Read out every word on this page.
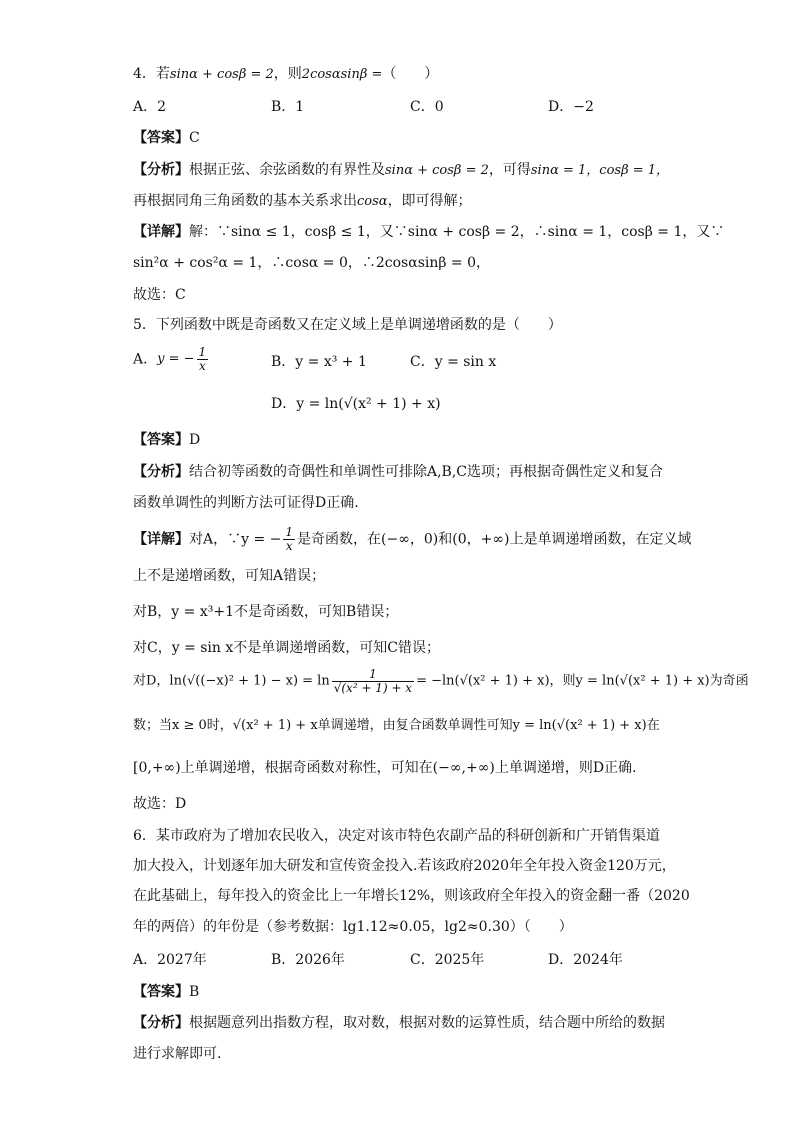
4．若sinα + cosβ = 2，则2cosαsinβ =（　　）
A．2	B．1	C．0	D．−2
【答案】C
【分析】根据正弦、余弦函数的有界性及sinα + cosβ = 2，可得sinα = 1，cosβ = 1，
再根据同角三角函数的基本关系求出cosα，即可得解；
【详解】解：∵sinα ≤ 1，cosβ ≤ 1，又∵sinα + cosβ = 2，∴sinα = 1，cosβ = 1，又∵
sin²α + cos²α = 1，∴cosα = 0，∴2cosαsinβ = 0，
故选：C
5．下列函数中既是奇函数又在定义域上是单调递增函数的是（　　）
A．y = − $\frac{1}{x}$	B．y = x³ + 1	C．y = sin x
D．y = ln(√(x² + 1) + x)
【答案】D
【分析】结合初等函数的奇偶性和单调性可排除A,B,C选项；再根据奇偶性定义和复合
函数单调性的判断方法可证得D正确.
【详解】对A，∵y = − $\frac{1}{x}$ 是奇函数，在(−∞，0)和(0，+∞)上是单调递增函数，在定义域
上不是递增函数，可知A错误；
对B，y = x³+1不是奇函数，可知B错误；
对C，y = sin x不是单调递增函数，可知C错误；
对D，$\ln(√((-x)^2 + 1) - x) = \ln \frac{1}{\text{√(x² + 1) + x}} = -\ln(√(x^2 + 1) + x)$，则y = ln(√(x² + 1) + x)为奇函
数；当x ≥ 0时，√(x² + 1) + x单调递增，由复合函数单调性可知y = ln(√(x² + 1) + x)在
[0,+∞)上单调递增，根据奇函数对称性，可知在(−∞,+∞)上单调递增，则D正确.
故选：D
6．某市政府为了增加农民收入，决定对该市特色农副产品的科研创新和广开销售渠道
加大投入，计划逐年加大研发和宣传资金投入.若该政府2020年全年投入资金120万元，
在此基础上，每年投入的资金比上一年增长12%，则该政府全年投入的资金翻一番（2020
年的两倍）的年份是（参考数据：lg1.12≈0.05，lg2≈0.30）（　　）
A．2027年	B．2026年	C．2025年	D．2024年
【答案】B
【分析】根据题意列出指数方程，取对数，根据对数的运算性质，结合题中所给的数据
进行求解即可.
